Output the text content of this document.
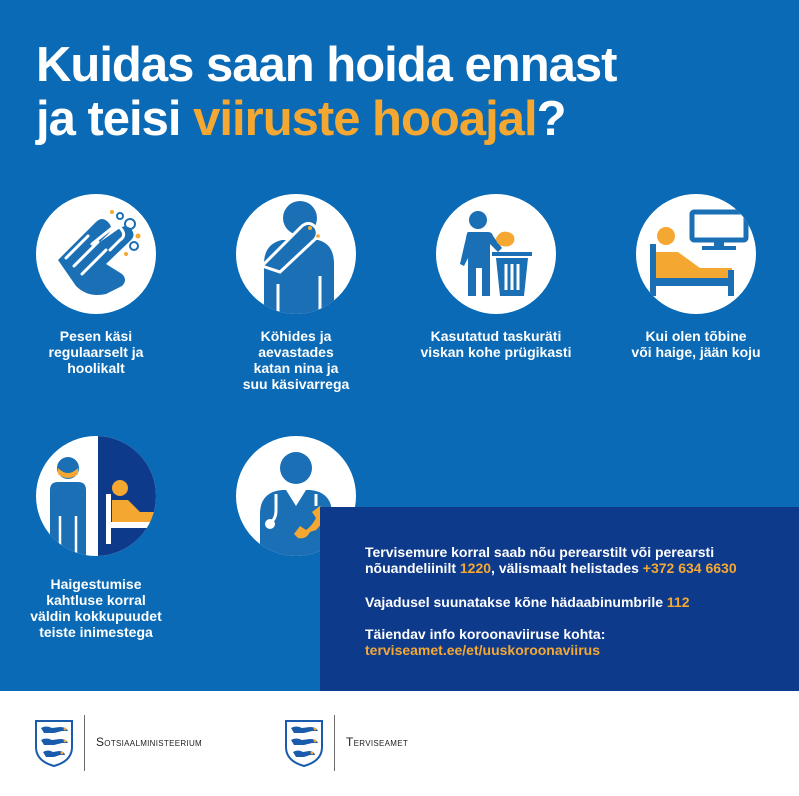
Kuidas saan hoida ennast
ja teisi viiruste hooajal?
Pesen käsi
regulaarselt ja
hoolikalt
Köhides ja
aevastades
katan nina ja
suu käsivarrega
Kasutatud taskuräti
viskan kohe prügikasti
Kui olen tõbine
või haige, jään koju
Haigestumise
kahtluse korral
väldin kokkupuudet
teiste inimestega

Tervisemure korral saab nõu perearstilt või perearsti
nõuandeliinilt 1220, välismaalt helistades +372 634 6630

Vajadusel suunatakse kõne hädaabinumbrile 112

Täiendav info koroonaviiruse kohta:
terviseamet.ee/et/uuskoroonaviirus

Sotsiaalministeerium	Terviseamet
